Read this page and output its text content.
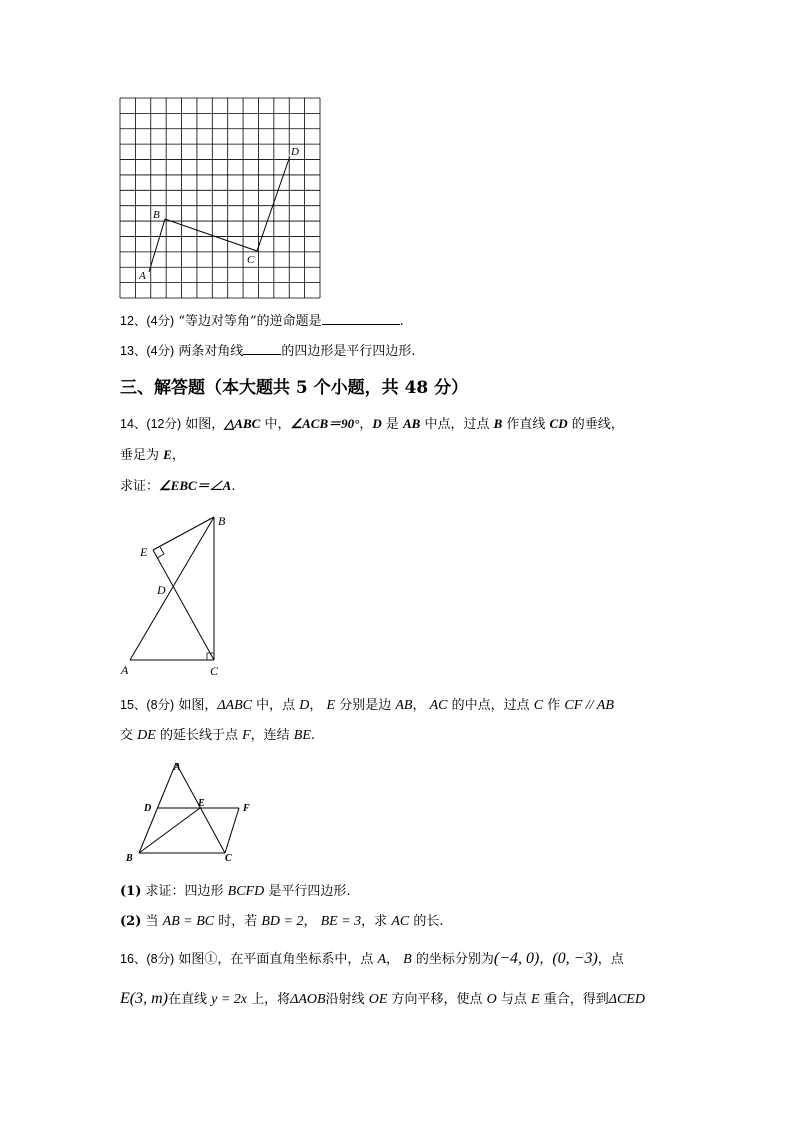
A
B
C
D
12、(4分) “等边对等角”的逆命题是	.
13、(4分) 两条对角线	的四边形是平行四边形.
三、解答题（本大题共 5 个小题，共 48 分）
14、(12分) 如图，△ABC 中，∠ACB＝90°，D 是 AB 中点，过点 B 作直线 CD 的垂线，
垂足为 E，
求证：∠EBC＝∠A.
A
B
C
D
E
15、(8分) 如图，ΔABC 中，点 D， E 分别是边 AB， AC 的中点，过点 C 作 CF // AB
交 DE 的延长线于点 F，连结 BE.
A
B	C
D	E	F
(1) 求证：四边形 BCFD 是平行四边形.
(2) 当 AB = BC 时，若 BD = 2， BE = 3，求 AC 的长.
16、(8分) 如图①，在平面直角坐标系中，点 A， B 的坐标分别为(−4, 0)，(0, −3)，点
E(3, m)在直线 y = 2x 上，将ΔAOB沿射线 OE 方向平移，使点 O 与点 E 重合，得到ΔCED
